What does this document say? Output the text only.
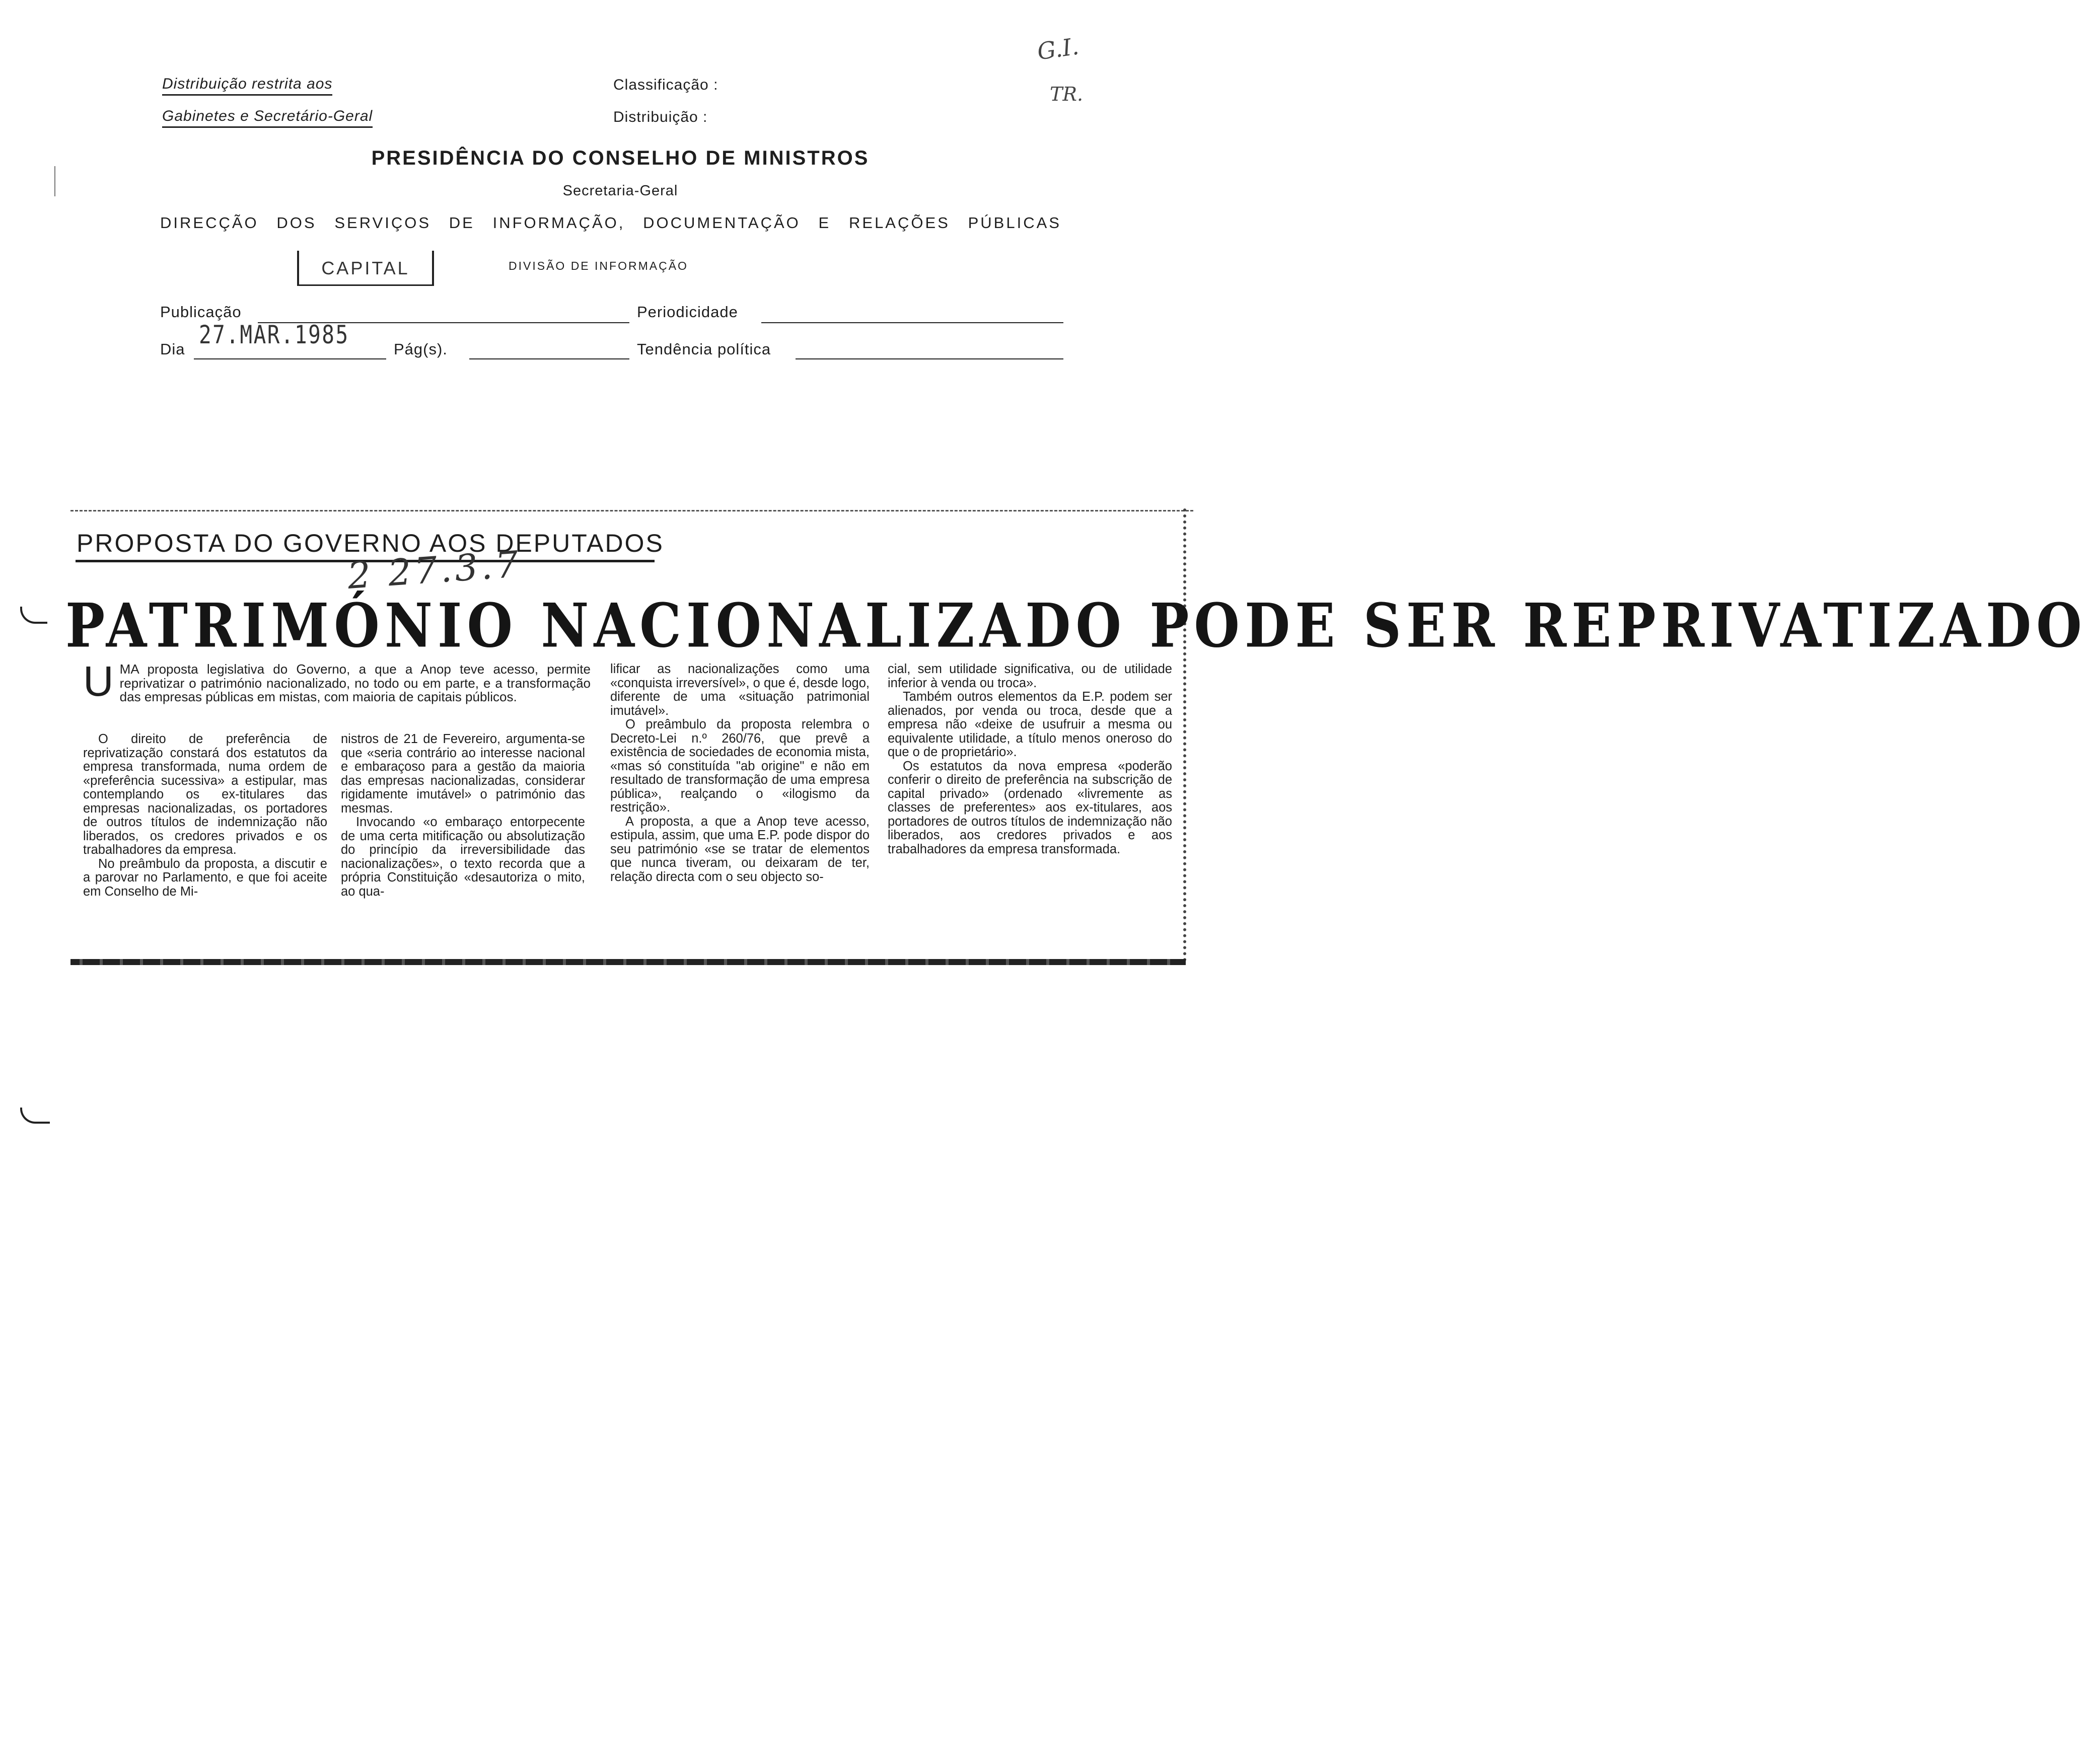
Distribuição restrita aos
Gabinetes e Secretário-Geral
Classificação :
Distribuição :
G.I.
TR.
PRESIDÊNCIA DO CONSELHO DE MINISTROS
Secretaria-Geral
DIRECÇÃO DOS SERVIÇOS DE INFORMAÇÃO, DOCUMENTAÇÃO E RELAÇÕES PÚBLICAS
CAPITAL	DIVISÃO DE INFORMAÇÃO
Publicação	Periodicidade
Dia 27.MAR.1985	Pág(s).	Tendência política
PROPOSTA DO GOVERNO AOS DEPUTADOS
2 27.3.7
PATRIMÓNIO NACIONALIZADO PODE SER REPRIVATIZADO
UMA proposta legislativa do Governo, a que a Anop teve acesso, permite reprivatizar o património nacionalizado, no todo ou em parte, e a transformação das empresas públicas em mistas, com maioria de capitais públicos.

O direito de preferência de reprivatização constará dos estatutos da empresa transformada, numa ordem de «preferência sucessiva» a estipular, mas contemplando os ex-titulares das empresas nacionalizadas, os portadores de outros títulos de indemnização não liberados, os credores privados e os trabalhadores da empresa.

No preâmbulo da proposta, a discutir e a parovar no Parlamento, e que foi aceite em Conselho de Mi-

nistros de 21 de Fevereiro, argumenta-se que «seria contrário ao interesse nacional e embaraçoso para a gestão da maioria das empresas nacionalizadas, considerar rigidamente imutável» o património das mesmas.

Invocando «o embaraço entorpecente de uma certa mitificação ou absolutização do princípio da irreversibilidade das nacionalizações», o texto recorda que a própria Constituição «desautoriza o mito, ao qua-

lificar as nacionalizações como uma «conquista irreversível», o que é, desde logo, diferente de uma «situação patrimonial imutável».

O preâmbulo da proposta relembra o Decreto-Lei n.º 260/76, que prevê a existência de sociedades de economia mista, «mas só constituída "ab origine" e não em resultado de transformação de uma empresa pública», realçando o «ilogismo da restrição».

A proposta, a que a Anop teve acesso, estipula, assim, que uma E.P. pode dispor do seu património «se se tratar de elementos que nunca tiveram, ou deixaram de ter, relação directa com o seu objecto so-

cial, sem utilidade significativa, ou de utilidade inferior à venda ou troca».

Também outros elementos da E.P. podem ser alienados, por venda ou troca, desde que a empresa não «deixe de usufruir a mesma ou equivalente utilidade, a título menos oneroso do que o de proprietário».

Os estatutos da nova empresa «poderão conferir o direito de preferência na subscrição de capital privado» (ordenado «livremente as classes de preferentes» aos ex-titulares, aos portadores de outros títulos de indemnização não liberados, aos credores privados e aos trabalhadores da empresa transformada.
